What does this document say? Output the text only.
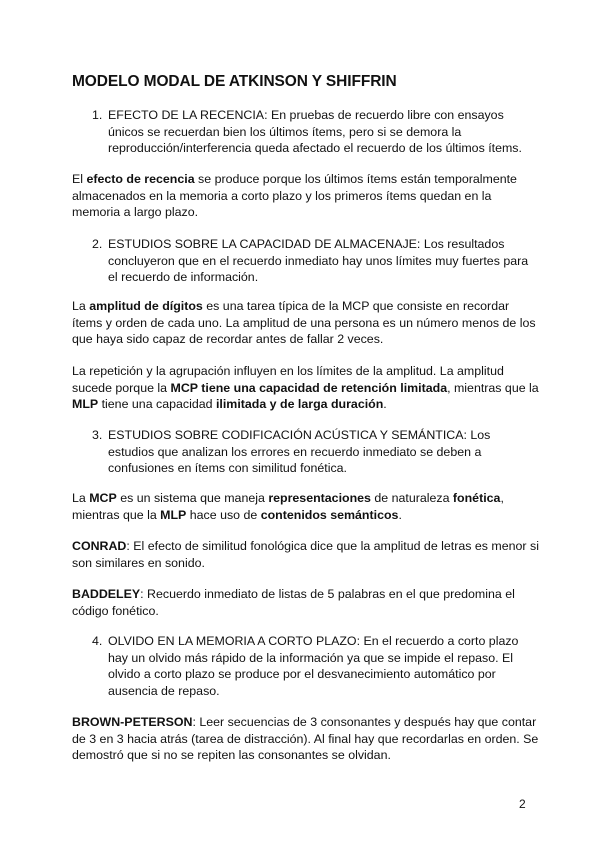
MODELO MODAL DE ATKINSON Y SHIFFRIN
1. EFECTO DE LA RECENCIA: En pruebas de recuerdo libre con ensayos únicos se recuerdan bien los últimos ítems, pero si se demora la reproducción/interferencia queda afectado el recuerdo de los últimos ítems.
El efecto de recencia se produce porque los últimos ítems están temporalmente almacenados en la memoria a corto plazo y los primeros ítems quedan en la memoria a largo plazo.
2. ESTUDIOS SOBRE LA CAPACIDAD DE ALMACENAJE: Los resultados concluyeron que en el recuerdo inmediato hay unos límites muy fuertes para el recuerdo de información.
La amplitud de dígitos es una tarea típica de la MCP que consiste en recordar ítems y orden de cada uno. La amplitud de una persona es un número menos de los que haya sido capaz de recordar antes de fallar 2 veces.
La repetición y la agrupación influyen en los límites de la amplitud. La amplitud sucede porque la MCP tiene una capacidad de retención limitada, mientras que la MLP tiene una capacidad ilimitada y de larga duración.
3. ESTUDIOS SOBRE CODIFICACIÓN ACÚSTICA Y SEMÁNTICA: Los estudios que analizan los errores en recuerdo inmediato se deben a confusiones en ítems con similitud fonética.
La MCP es un sistema que maneja representaciones de naturaleza fonética, mientras que la MLP hace uso de contenidos semánticos.
CONRAD: El efecto de similitud fonológica dice que la amplitud de letras es menor si son similares en sonido.
BADDELEY: Recuerdo inmediato de listas de 5 palabras en el que predomina el código fonético.
4. OLVIDO EN LA MEMORIA A CORTO PLAZO: En el recuerdo a corto plazo hay un olvido más rápido de la información ya que se impide el repaso. El olvido a corto plazo se produce por el desvanecimiento automático por ausencia de repaso.
BROWN-PETERSON: Leer secuencias de 3 consonantes y después hay que contar de 3 en 3 hacia atrás (tarea de distracción). Al final hay que recordarlas en orden. Se demostró que si no se repiten las consonantes se olvidan.
2
